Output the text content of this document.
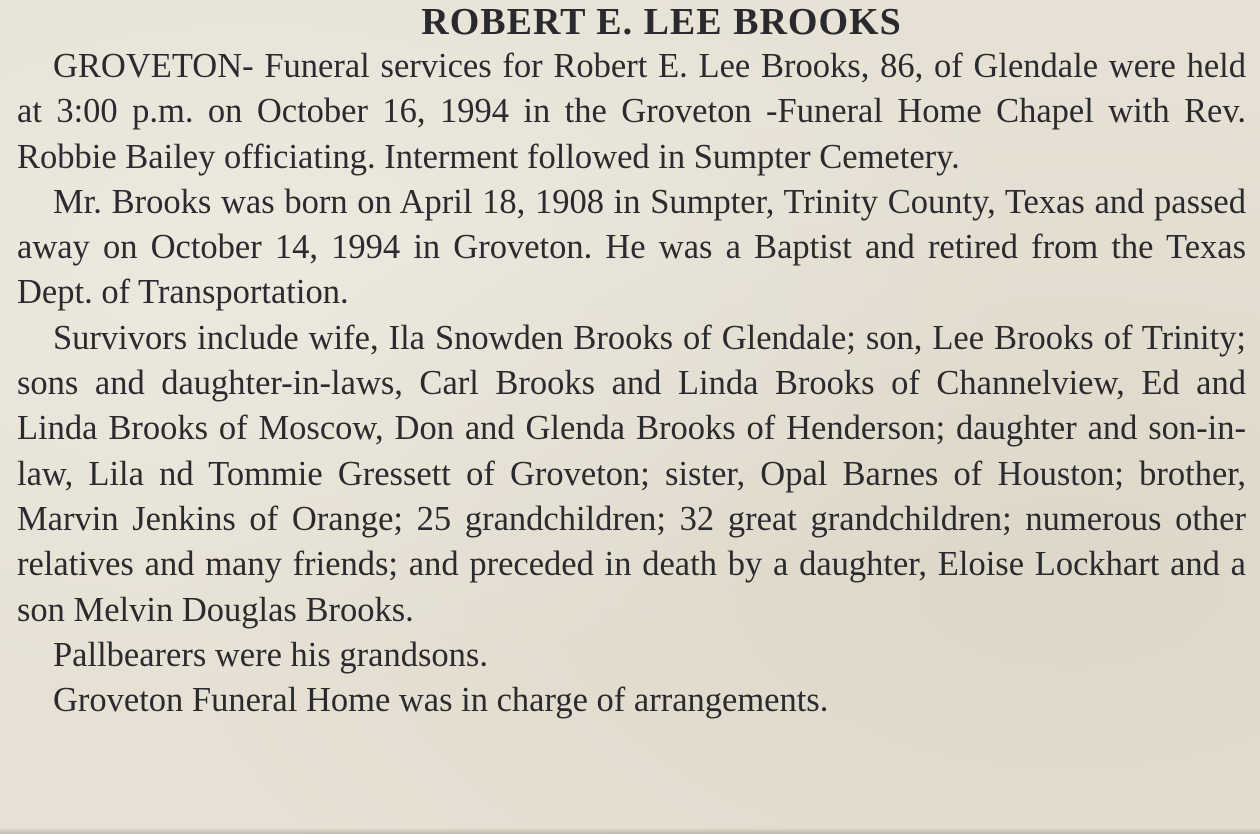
ROBERT E. LEE BROOKS

GROVETON- Funeral services for Robert E. Lee Brooks, 86, of Glendale were held at 3:00 p.m. on October 16, 1994 in the Groveton -Funeral Home Chapel with Rev. Robbie Bailey officiating. Interment followed in Sumpter Cemetery.

Mr. Brooks was born on April 18, 1908 in Sumpter, Trinity County, Texas and passed away on October 14, 1994 in Groveton. He was a Baptist and retired from the Texas Dept. of Transportation.

Survivors include wife, Ila Snowden Brooks of Glendale; son, Lee Brooks of Trinity; sons and daughter-in-laws, Carl Brooks and Linda Brooks of Channelview, Ed and Linda Brooks of Moscow, Don and Glenda Brooks of Henderson; daughter and son-in-law, Lila nd Tommie Gressett of Groveton; sister, Opal Barnes of Houston; brother, Marvin Jenkins of Orange; 25 grandchildren; 32 great grandchildren; numerous other relatives and many friends; and preceded in death by a daughter, Eloise Lockhart and a son Melvin Douglas Brooks.

Pallbearers were his grandsons.

Groveton Funeral Home was in charge of arrangements.
